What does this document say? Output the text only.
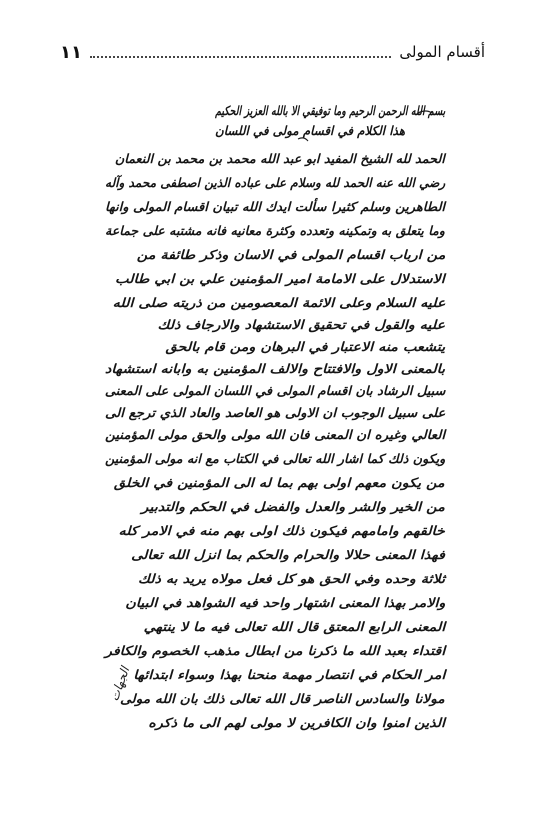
أقسام المولى
١١
الجهات
بسم الله الرحمن الرحيم وما توفيقي الا بالله العزيز الحكيم
هذا الكلام في اقسام مولى في اللسان
الحمد لله الشيخ المفيد ابو عبد الله محمد بن محمد بن النعمان
رضي الله عنه الحمد لله وسلام على عباده الذين اصطفى محمد وآله
الطاهرين وسلم كثيرا سألت ايدك الله تبيان اقسام المولى وانها
وما يتعلق به وتمكينه وتعدده وكثرة معانيه فانه مشتبه على جماعة
من ارباب اقسام المولى في الاسان وذكر طائفة من
الاستدلال على الامامة امير المؤمنين علي بن ابي طالب
عليه السلام وعلى الائمة المعصومين من ذريته صلى الله
عليه والقول في تحقيق الاستشهاد والارجاف ذلك
يتشعب منه الاعتبار في البرهان ومن قام بالحق
بالمعنى الاول والافتتاح والالف المؤمنين به وابانه استشهاد
سبيل الرشاد بان اقسام المولى في اللسان المولى على المعنى
على سبيل الوجوب ان الاولى هو العاصد والعاد الذي ترجع الى
العالي وغيره ان المعنى فان الله مولى والحق مولى المؤمنين
ويكون ذلك كما اشار الله تعالى في الكتاب مع انه مولى المؤمنين
من يكون معهم اولى بهم بما له الى المؤمنين في الخلق
من الخير والشر والعدل والفضل في الحكم والتدبير
خالقهم وامامهم فيكون ذلك اولى بهم منه في الامر كله
فهذا المعنى حلالا والحرام والحكم بما انزل الله تعالى
ثلاثة وحده وفي الحق هو كل فعل مولاه يريد به ذلك
والامر بهذا المعنى اشتهار واحد فيه الشواهد في البيان
المعنى الرابع المعتق قال الله تعالى فيه ما لا ينتهي
اقتداء بعبد الله ما ذكرنا من ابطال مذهب الخصوم والكافر
امر الحكام في انتصار مهمة منحنا بهذا وسواء ابتدائها
مولانا والسادس الناصر قال الله تعالى ذلك بان الله مولى
الذين امنوا وان الكافرين لا مولى لهم الى ما ذكره
